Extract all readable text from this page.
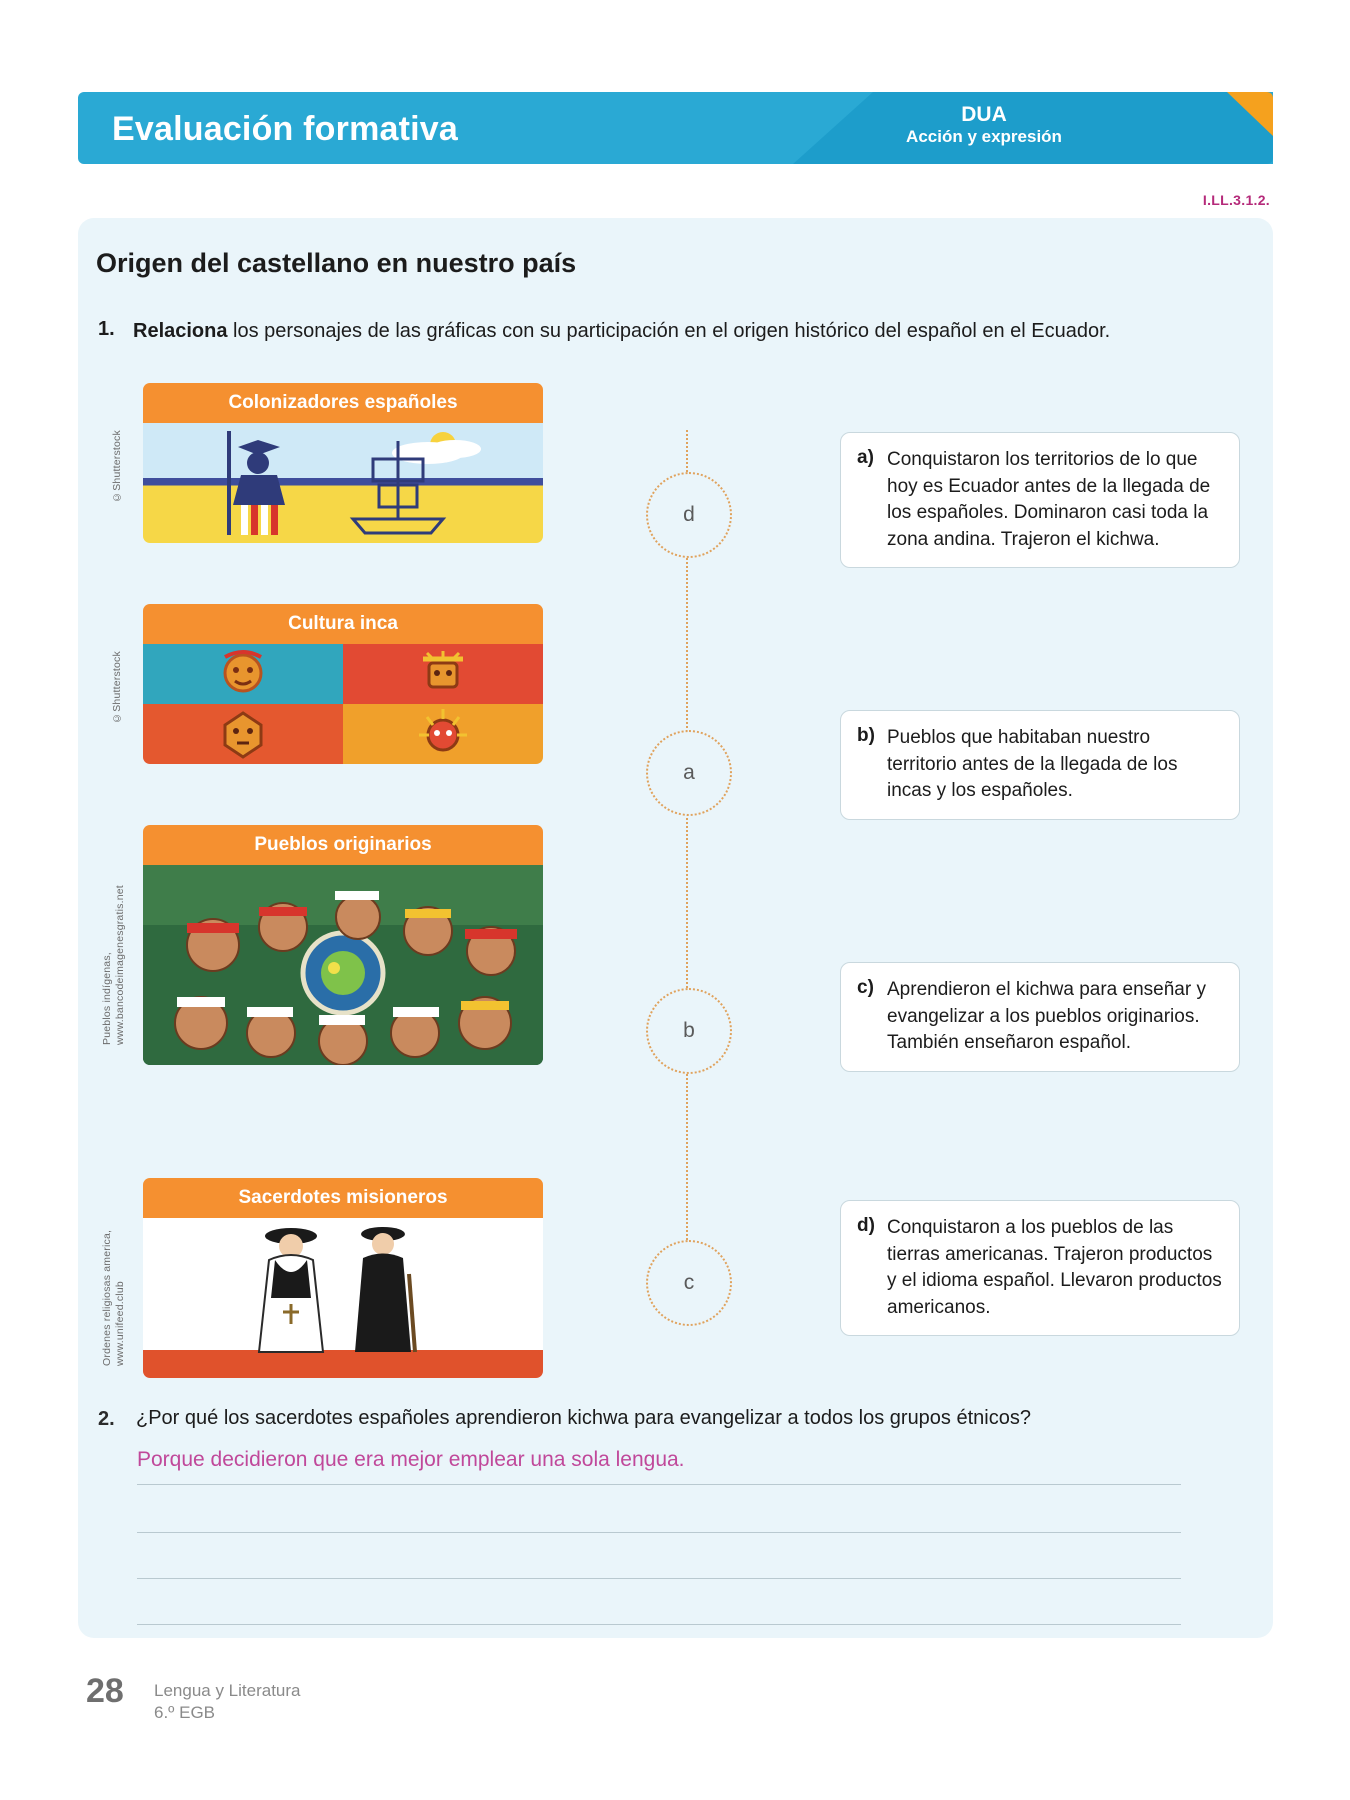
Evaluación formativa	DUA
Acción y expresión
I.LL.3.1.2.
Origen del castellano en nuestro país
1. Relaciona los personajes de las gráficas con su participación en el origen histórico del español en el Ecuador.
Colonizadores españoles
©Shutterstock
Cultura inca
©Shutterstock
Pueblos originarios
Pueblos indígenas, www.bancodeimagenesgratis.net
Sacerdotes misioneros
Ordenes religiosas america, www.unifeed.club
d
a
b
c
a) Conquistaron los territorios de lo que hoy es Ecuador antes de la llegada de los españoles. Dominaron casi toda la zona andina. Trajeron el kichwa.
b) Pueblos que habitaban nuestro territorio antes de la llegada de los incas y los españoles.
c) Aprendieron el kichwa para enseñar y evangelizar a los pueblos originarios. También enseñaron español.
d) Conquistaron a los pueblos de las tierras americanas. Trajeron productos y el idioma español. Llevaron productos americanos.
2. ¿Por qué los sacerdotes españoles aprendieron kichwa para evangelizar a todos los grupos étnicos?
Porque decidieron que era mejor emplear una sola lengua.
28 Lengua y Literatura
6.º EGB
